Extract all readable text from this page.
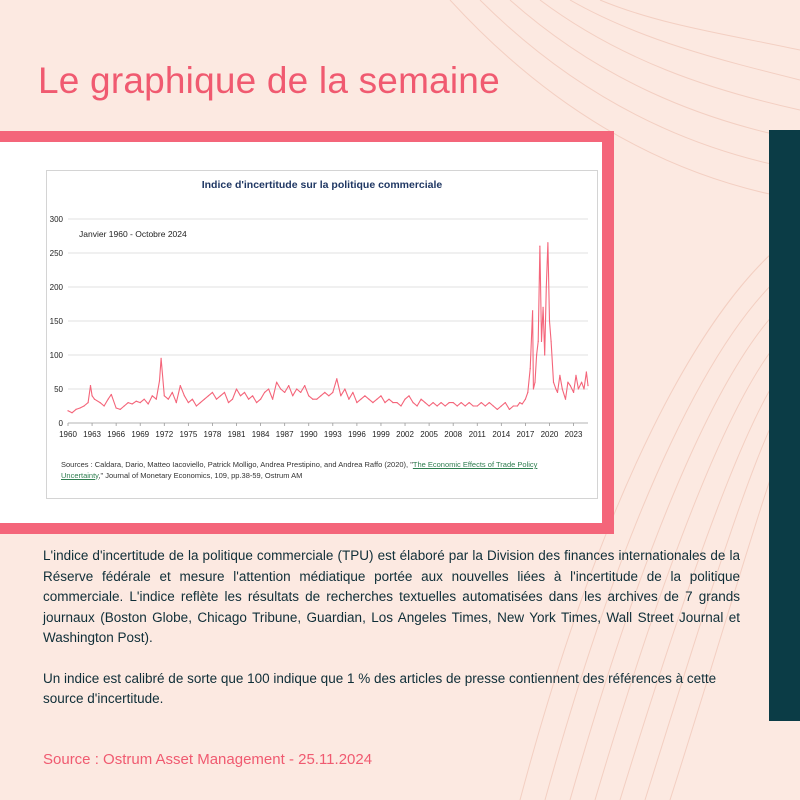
Le graphique de la semaine
0
50
100
150
200
250
300
1960 1963 1966 1969 1972 1975 1978 1981 1984 1987 1990 1993 1996 1999 2002 2005 2008 2011 2014 2017 2020 2023
Janvier 1960 - Octobre 2024
Indice d'incertitude sur la politique commerciale
Sources : Caldara, Dario, Matteo Iacoviello, Patrick Molligo, Andrea Prestipino, and Andrea Raffo (2020), "The Economic Effects of Trade Policy Uncertainty," Journal of Monetary Economics, 109, pp.38-59, Ostrum AM
L'indice d'incertitude de la politique commerciale (TPU) est élaboré par la Division des finances internationales de la Réserve fédérale et mesure l'attention médiatique portée aux nouvelles liées à l'incertitude de la politique commerciale. L'indice reflète les résultats de recherches textuelles automatisées dans les archives de 7 grands journaux (Boston Globe, Chicago Tribune, Guardian, Los Angeles Times, New York Times, Wall Street Journal et Washington Post).
Un indice est calibré de sorte que 100 indique que 1 % des articles de presse contiennent des références à cette source d'incertitude.
Source : Ostrum Asset Management - 25.11.2024
